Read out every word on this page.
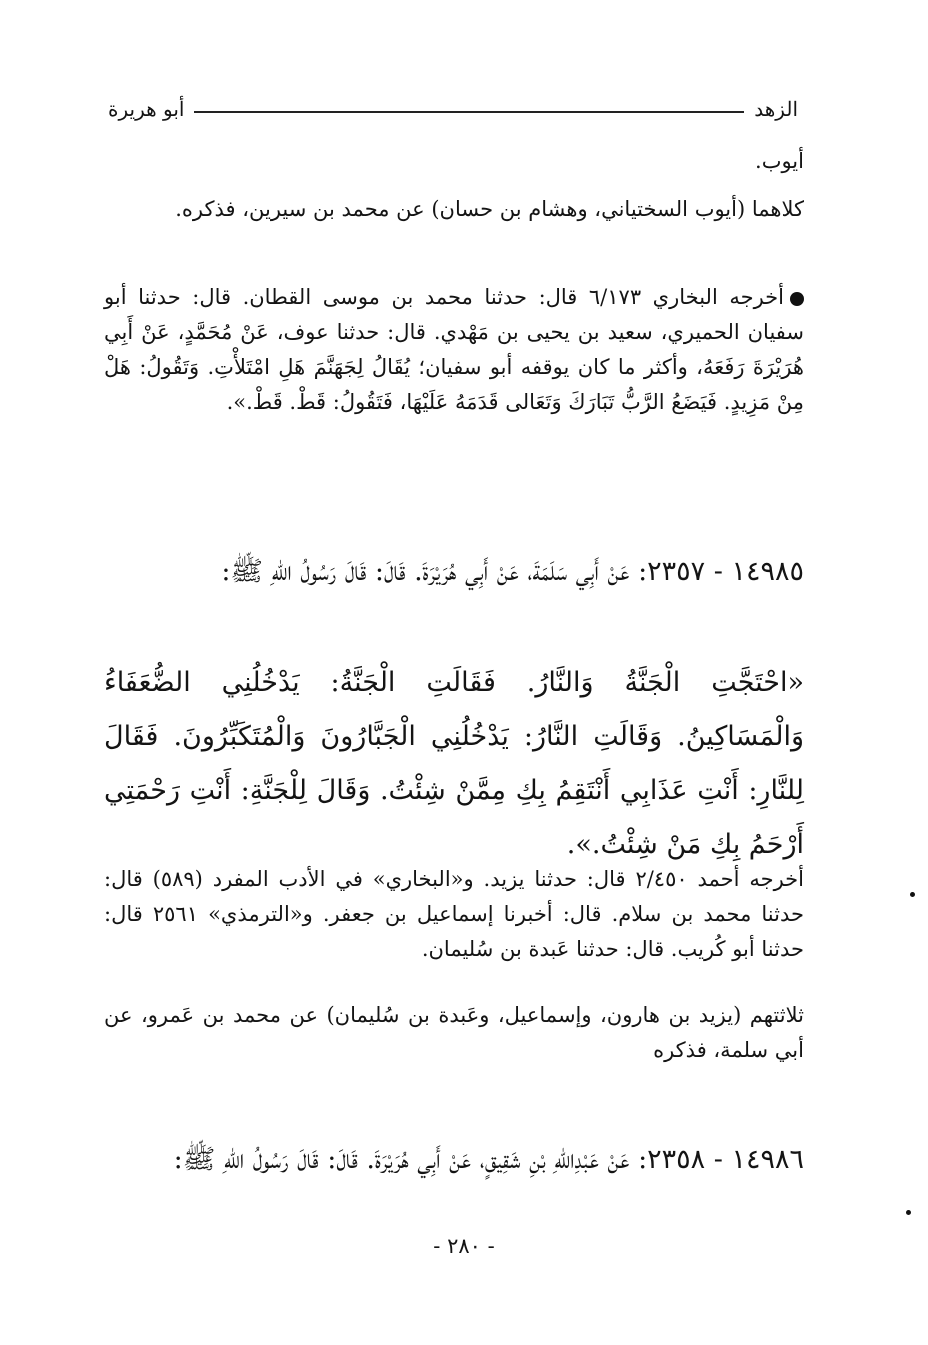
الزهد
أبو هريرة

أيوب.

كلاهما (أيوب السختياني، وهشام بن حسان) عن محمد بن سيرين، فذكره.

أخرجه البخاري ٦/١٧٣ قال: حدثنا محمد بن موسى القطان. قال: حدثنا أبو سفيان الحميري، سعيد بن يحيى بن مَهْدي. قال: حدثنا عوف، عَنْ مُحَمَّدٍ، عَنْ أَبِي هُرَيْرَةَ رَفَعَهُ، وأكثر ما كان يوقفه أبو سفيان؛ يُقَالُ لِجَهَنَّمَ هَلِ امْتَلأْتِ. وَتَقُولُ: هَلْ مِنْ مَزِيدٍ. فَيَضَعُ الرَّبُّ تَبَارَكَ وَتَعَالى قَدَمَهُ عَلَيْهَا، فَتَقُولُ: قَطْ. قَطْ.».

١٤٩٨٥ - ٢٣٥٧: عَنْ أَبِي سَلَمَةَ، عَنْ أَبِي هُرَيْرَةَ. قَالَ: قَالَ رَسُولُ اللهِ ﷺ:

«احْتَجَّتِ الْجَنَّةُ وَالنَّارُ. فَقَالَتِ الْجَنَّةُ: يَدْخُلُنِي الضُّعَفَاءُ وَالْمَسَاكِينُ. وَقَالَتِ النَّارُ: يَدْخُلُنِي الْجَبَّارُونَ وَالْمُتَكَبِّرُونَ. فَقَالَ لِلنَّارِ: أَنْتِ عَذَابِي أَنْتَقِمُ بِكِ مِمَّنْ شِئْتُ. وَقَالَ لِلْجَنَّةِ: أَنْتِ رَحْمَتِي أَرْحَمُ بِكِ مَنْ شِئْتُ.».

أخرجه أحمد ٢/٤٥٠ قال: حدثنا يزيد. و«البخاري» في الأدب المفرد (٥٨٩) قال: حدثنا محمد بن سلام. قال: أخبرنا إسماعيل بن جعفر. و«الترمذي» ٢٥٦١ قال: حدثنا أبو كُريب. قال: حدثنا عَبدة بن سُليمان.

ثلاثتهم (يزيد بن هارون، وإسماعيل، وعَبدة بن سُليمان) عن محمد بن عَمرو، عن أبي سلمة، فذكره

١٤٩٨٦ - ٢٣٥٨: عَنْ عَبْدِاللهِ بْنِ شَقِيقٍ، عَنْ أَبِي هُرَيْرَةَ. قَالَ: قَالَ رَسُولُ اللهِ ﷺ:

- ٢٨٠ -
